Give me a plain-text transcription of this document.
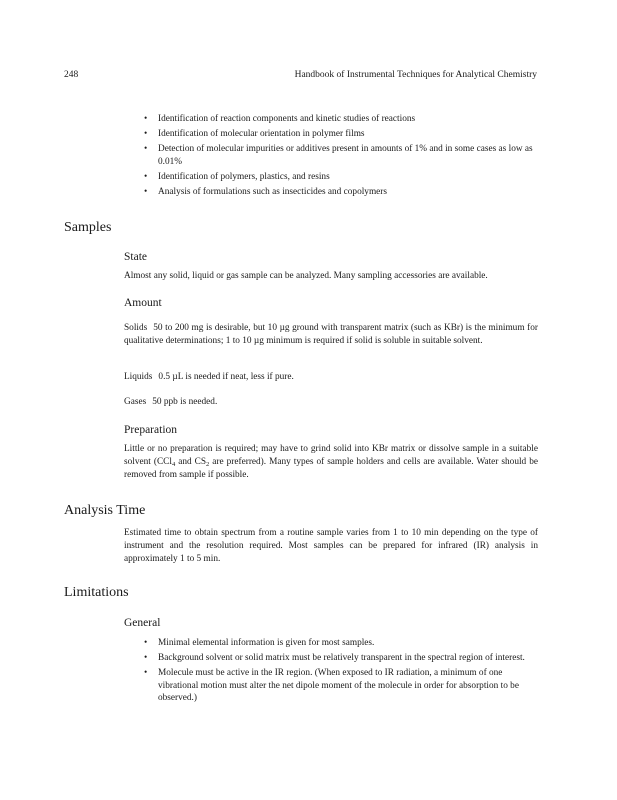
248	Handbook of Instrumental Techniques for Analytical Chemistry
• Identification of reaction components and kinetic studies of reactions
• Identification of molecular orientation in polymer films
• Detection of molecular impurities or additives present in amounts of 1% and in some cases as low as 0.01%
• Identification of polymers, plastics, and resins
• Analysis of formulations such as insecticides and copolymers
Samples
State
Almost any solid, liquid or gas sample can be analyzed. Many sampling accessories are available.
Amount
Solids 50 to 200 mg is desirable, but 10 µg ground with transparent matrix (such as KBr) is the minimum for qualitative determinations; 1 to 10 µg minimum is required if solid is soluble in suitable solvent.
Liquids 0.5 µL is needed if neat, less if pure.
Gases 50 ppb is needed.
Preparation
Little or no preparation is required; may have to grind solid into KBr matrix or dissolve sample in a suitable solvent (CCl$_4$ and $CS_2$ are preferred). Many types of sample holders and cells are available. Water should be removed from sample if possible.
Analysis Time
Estimated time to obtain spectrum from a routine sample varies from 1 to 10 min depending on the type of instrument and the resolution required. Most samples can be prepared for infrared (IR) analysis in approximately 1 to 5 min.
Limitations
General
• Minimal elemental information is given for most samples.
• Background solvent or solid matrix must be relatively transparent in the spectral region of interest.
• Molecule must be active in the IR region. (When exposed to IR radiation, a minimum of one vibrational motion must alter the net dipole moment of the molecule in order for absorption to be observed.)
